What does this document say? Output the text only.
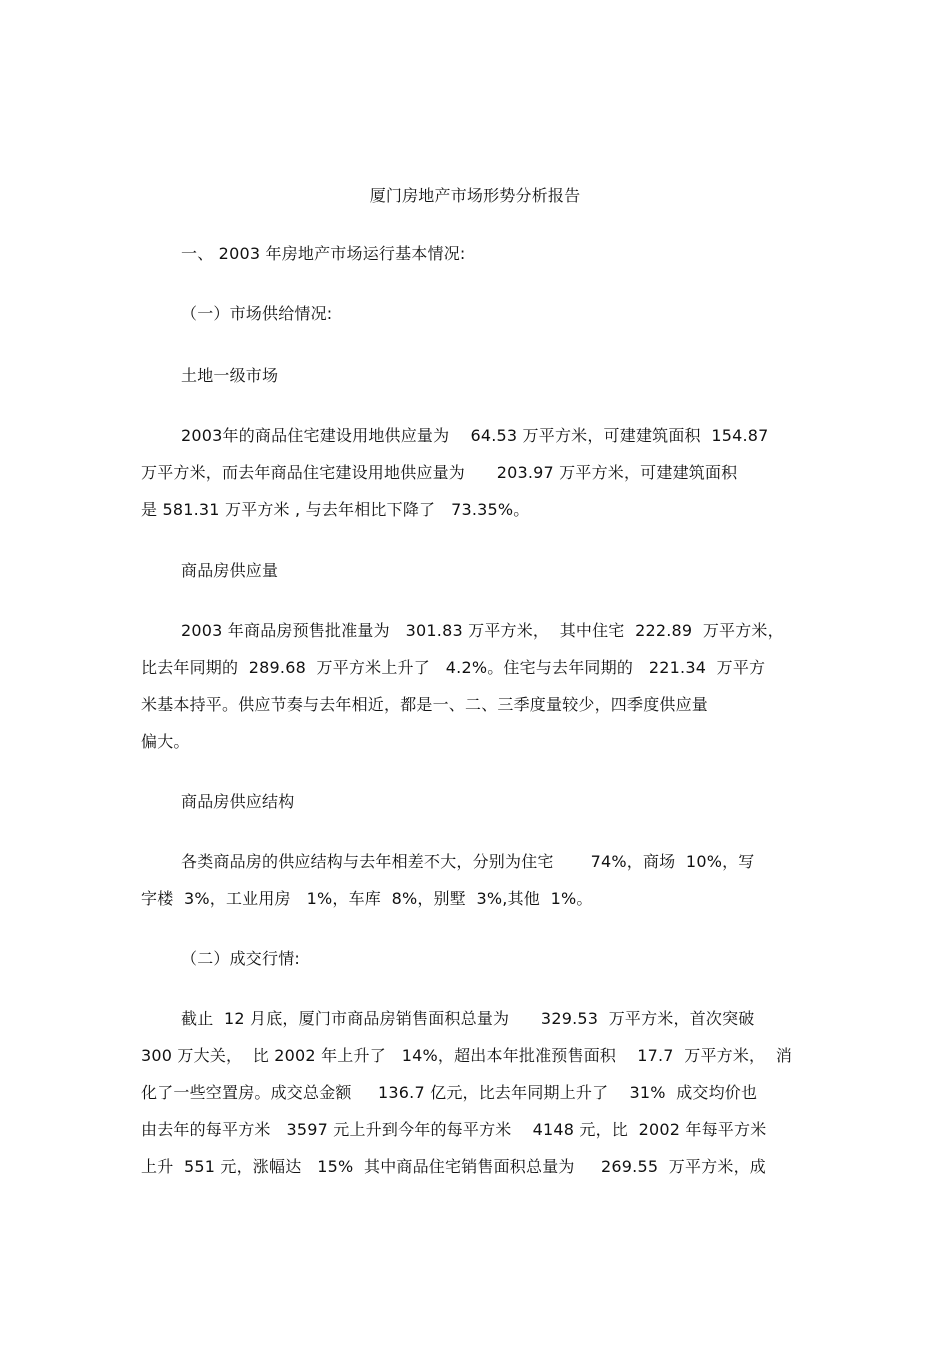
厦门房地产市场形势分析报告
一、 2003 年房地产市场运行基本情况:
（一）市场供给情况:
土地一级市场
2003年的商品住宅建设用地供应量为    64.53 万平方米，可建建筑面积  154.87
万平方米，而去年商品住宅建设用地供应量为      203.97 万平方米，可建建筑面积
是 581.31 万平方米 , 与去年相比下降了   73.35%。
商品房供应量
2003 年商品房预售批准量为   301.83 万平方米，  其中住宅  222.89  万平方米，
比去年同期的  289.68  万平方米上升了   4.2%。住宅与去年同期的   221.34  万平方
米基本持平。供应节奏与去年相近，都是一、二、三季度量较少，四季度供应量
偏大。
商品房供应结构
各类商品房的供应结构与去年相差不大，分别为住宅       74%，商场  10%，写
字楼  3%，工业用房   1%，车库  8%，别墅  3%,其他  1%。
（二）成交行情:
截止  12 月底，厦门市商品房销售面积总量为      329.53  万平方米，首次突破
300 万大关，  比 2002 年上升了   14%，超出本年批准预售面积    17.7  万平方米，  消
化了一些空置房。成交总金额     136.7 亿元，比去年同期上升了    31%  成交均价也
由去年的每平方米   3597 元上升到今年的每平方米    4148 元，比  2002 年每平方米
上升  551 元，涨幅达   15%  其中商品住宅销售面积总量为     269.55  万平方米，成
